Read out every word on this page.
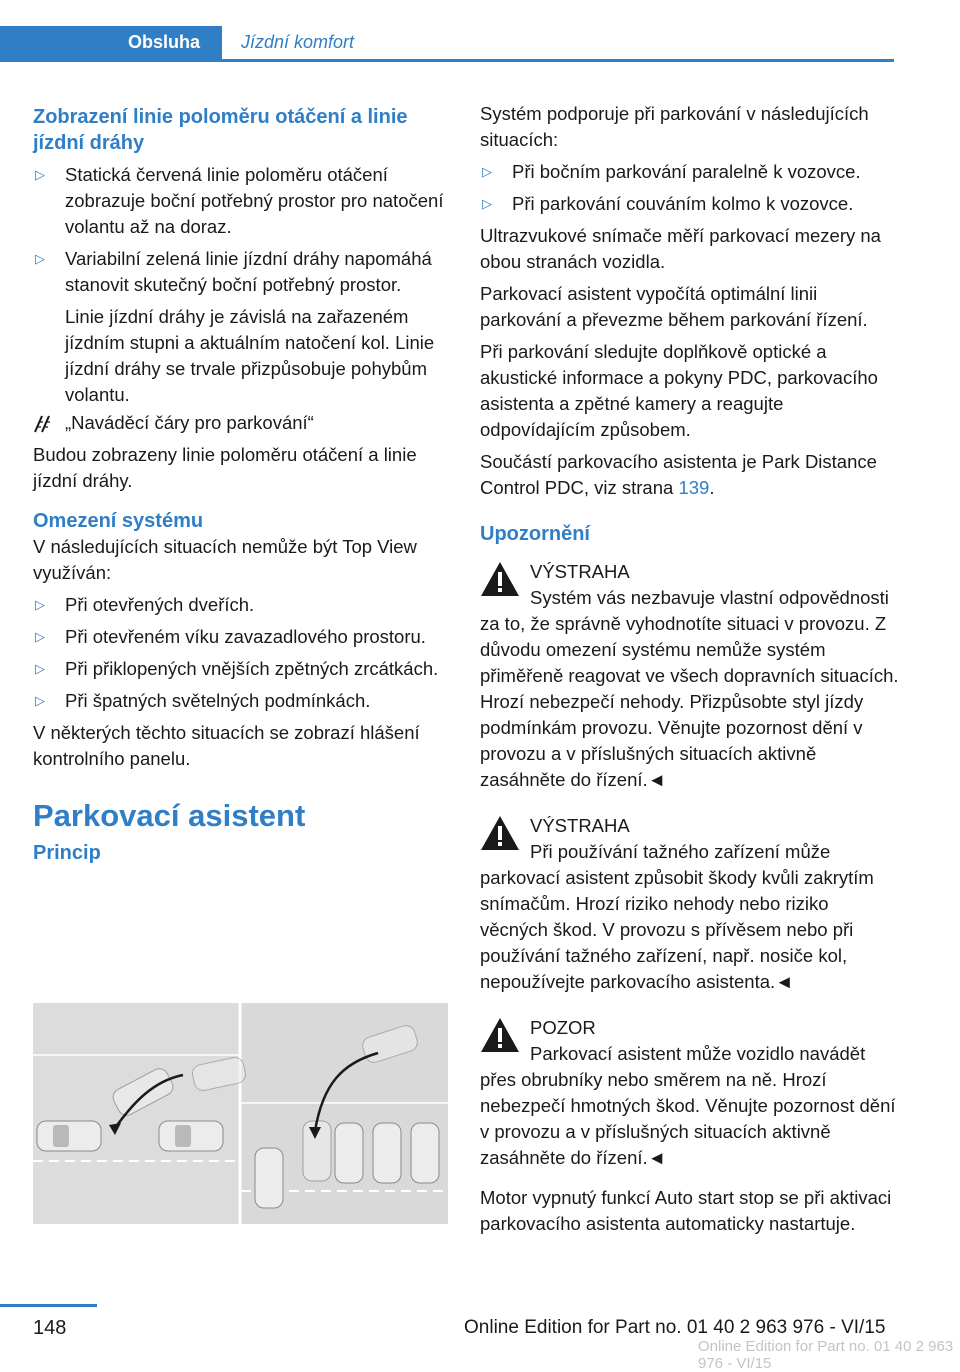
Obsluha	Jízdní komfort
Zobrazení linie poloměru otáčení a linie jízdní dráhy
▷ Statická červená linie poloměru otáčení zobrazuje boční potřebný prostor pro natočení volantu až na doraz.
▷ Variabilní zelená linie jízdní dráhy napomáhá stanovit skutečný boční potřebný prostor.
Linie jízdní dráhy je závislá na zařazeném jízdním stupni a aktuálním natočení kol. Linie jízdní dráhy se trvale přizpůsobuje pohybům volantu.
„Naváděcí čáry pro parkování“
Budou zobrazeny linie poloměru otáčení a linie jízdní dráhy.
Omezení systému
V následujících situacích nemůže být Top View využíván:
▷ Při otevřených dveřích.
▷ Při otevřeném víku zavazadlového prostoru.
▷ Při přiklopených vnějších zpětných zrcátkách.
▷ Při špatných světelných podmínkách.
V některých těchto situacích se zobrazí hlášení kontrolního panelu.
Parkovací asistent
Princip
Systém podporuje při parkování v následujících situacích:
▷ Při bočním parkování paralelně k vozovce.
▷ Při parkování couváním kolmo k vozovce.
Ultrazvukové snímače měří parkovací mezery na obou stranách vozidla.
Parkovací asistent vypočítá optimální linii parkování a převezme během parkování řízení.
Při parkování sledujte doplňkově optické a akustické informace a pokyny PDC, parkovacího asistenta a zpětné kamery a reagujte odpovídajícím způsobem.
Součástí parkovacího asistenta je Park Distance Control PDC, viz strana 139.
Upozornění
VÝSTRAHA
Systém vás nezbavuje vlastní odpovědnosti za to, že správně vyhodnotíte situaci v provozu. Z důvodu omezení systému nemůže systém přiměřeně reagovat ve všech dopravních situacích. Hrozí nebezpečí nehody. Přizpůsobte styl jízdy podmínkám provozu. Věnujte pozornost dění v provozu a v příslušných situacích aktivně zasáhněte do řízení.◄
VÝSTRAHA
Při používání tažného zařízení může parkovací asistent způsobit škody kvůli zakrytím snímačům. Hrozí riziko nehody nebo riziko věcných škod. V provozu s přívěsem nebo při používání tažného zařízení, např. nosiče kol, nepoužívejte parkovacího asistenta.◄
POZOR
Parkovací asistent může vozidlo navádět přes obrubníky nebo směrem na ně. Hrozí nebezpečí hmotných škod. Věnujte pozornost dění v provozu a v příslušných situacích aktivně zasáhněte do řízení.◄
Motor vypnutý funkcí Auto start stop se při aktivaci parkovacího asistenta automaticky nastartuje.
148	Online Edition for Part no. 01 40 2 963 976 - VI/15
Online Edition for Part no. 01 40 2 963 976 - VI/15
